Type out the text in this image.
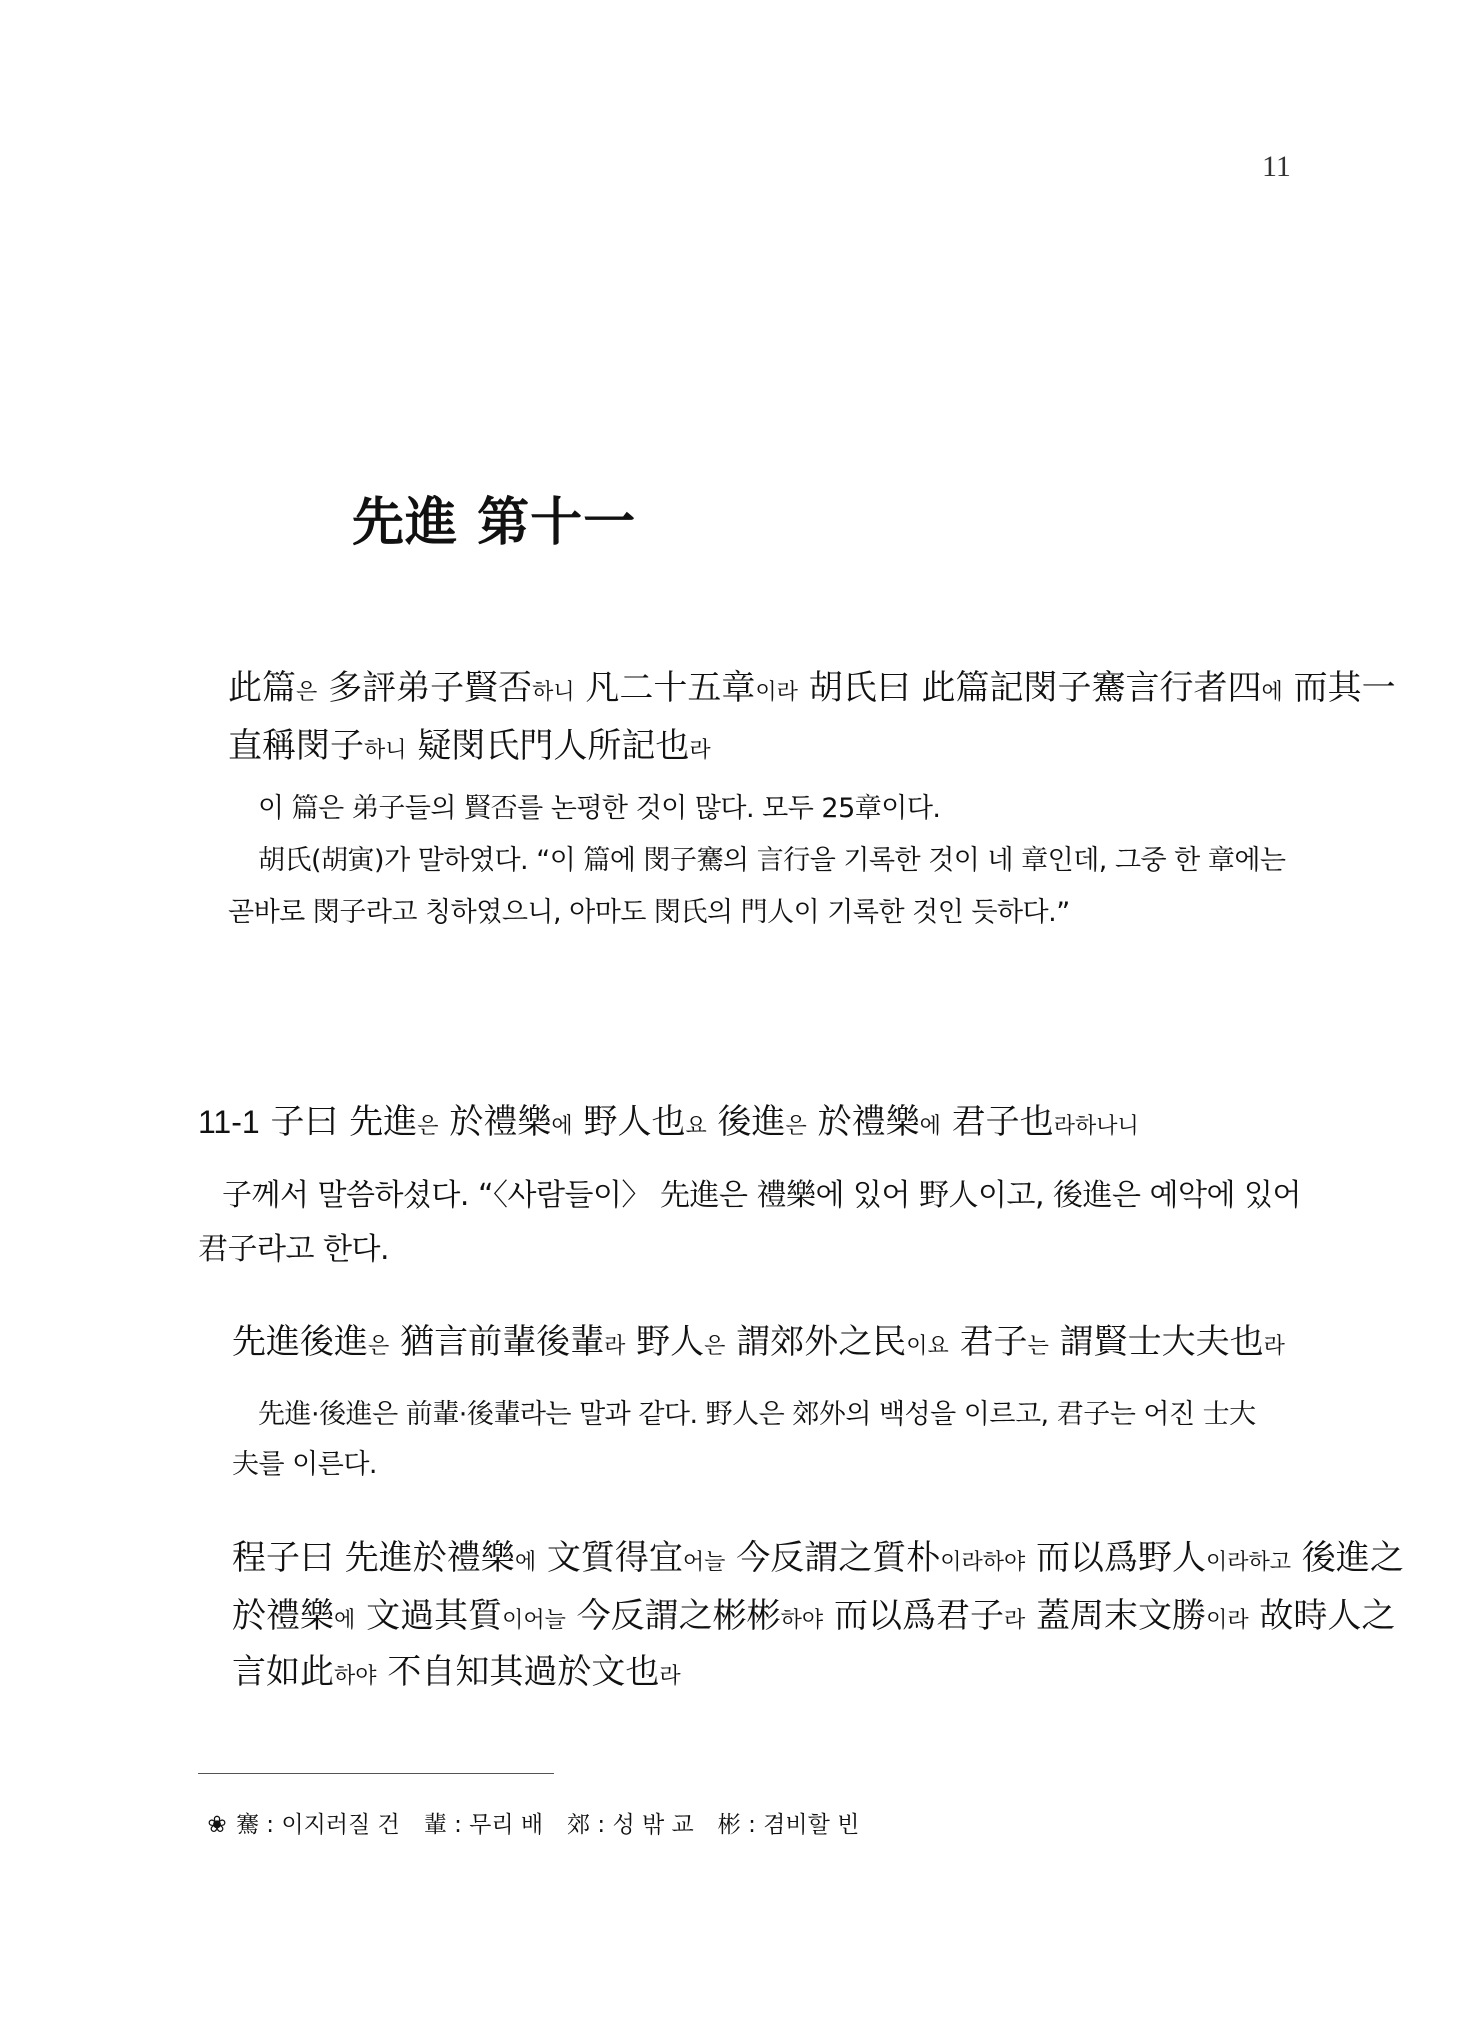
11
先進 第十一

此篇은 多評弟子賢否하니 凡二十五章이라 胡氏曰 此篇記閔子騫言行者四에 而其一

直稱閔子하니 疑閔氏門人所記也라

이 篇은 弟子들의 賢否를 논평한 것이 많다. 모두 25章이다.

胡氏(胡寅)가 말하였다. “이 篇에 閔子騫의 言行을 기록한 것이 네 章인데, 그중 한 章에는

곧바로 閔子라고 칭하였으니, 아마도 閔氏의 門人이 기록한 것인 듯하다.”

11-1 子曰 先進은 於禮樂에 野人也요 後進은 於禮樂에 君子也라하나니

子께서 말씀하셨다. “〈사람들이〉 先進은 禮樂에 있어 野人이고, 後進은 예악에 있어

君子라고 한다.

先進後進은 猶言前輩後輩라 野人은 謂郊外之民이요 君子는 謂賢士大夫也라

先進·後進은 前輩·後輩라는 말과 같다. 野人은 郊外의 백성을 이르고, 君子는 어진 士大

夫를 이른다.

程子曰 先進於禮樂에 文質得宜어늘 今反謂之質朴이라하야 而以爲野人이라하고 後進之

於禮樂에 文過其質이어늘 今反謂之彬彬하야 而以爲君子라 蓋周末文勝이라 故時人之

言如此하야 不自知其過於文也라

❀ 騫 : 이지러질 건 輩 : 무리 배 郊 : 성 밖 교 彬 : 겸비할 빈
